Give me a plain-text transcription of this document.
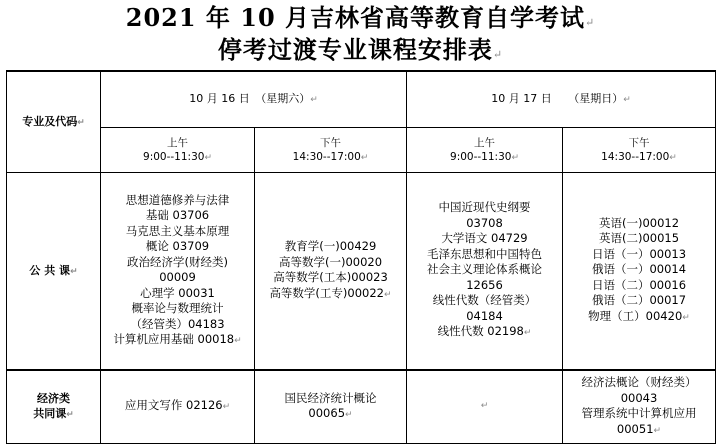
2021 年 10 月吉林省高等教育自学考试↵
停考过渡专业课程安排表↵
专业及代码↵
10 月 16 日　（星期六）↵	10 月 17 日　　（星期日）↵
上午
9:00--11:30↵
下午
14:30--17:00↵
上午
9:00--11:30↵
下午
14:30--17:00↵
公 共 课↵
思想道德修养与法律
基础 03706
马克思主义基本原理
概论 03709
政治经济学(财经类)
00009
心理学 00031
概率论与数理统计
（经管类）04183
计算机应用基础 00018↵
教育学(一)00429
高等数学(一)00020
高等数学(工本)00023
高等数学(工专)00022↵
中国近现代史纲要
03708
大学语文 04729
毛泽东思想和中国特色
社会主义理论体系概论
12656
线性代数（经管类）
04184
线性代数 02198↵
英语(一)00012
英语(二)00015
日语（一）00013
俄语（一）00014
日语（二）00016
俄语（二）00017
物理（工）00420↵
经济类
共同课↵
应用文写作 02126↵
国民经济统计概论
00065↵
↵
经济法概论（财经类）
00043
管理系统中计算机应用
00051↵
